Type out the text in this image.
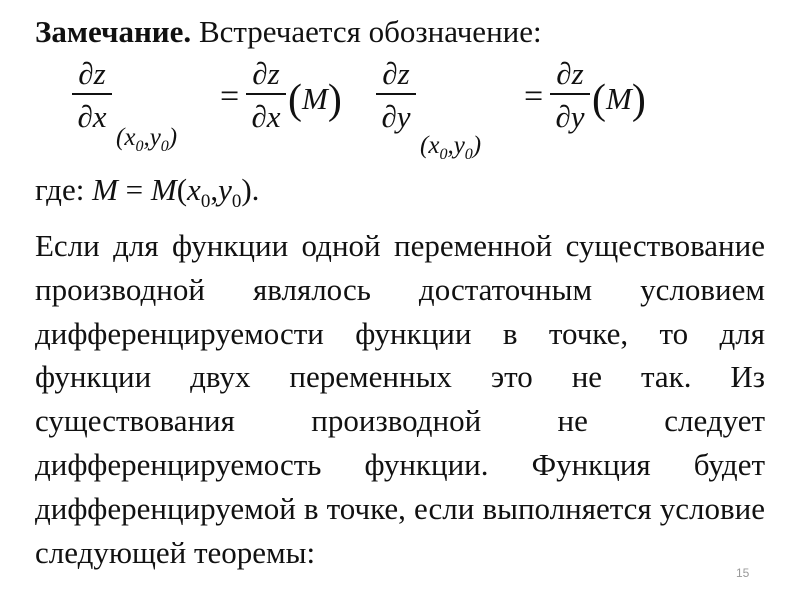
Замечание. Встречается обозначение:
∂z
∂x
$(x_0,y_0)$
=
∂z
∂x (M)
∂z
∂y
$(x_0,y_0)$
=
∂z
∂y (M)
где: $M = M(x_0,y_0)$.
Если для функции одной переменной существование производной являлось достаточным условием дифференцируемости функции в точке, то для функции двух переменных это не так. Из существования производной не следует дифференцируемость функции. Функция будет дифференцируемой в точке, если выполняется условие следующей теоремы:
15
